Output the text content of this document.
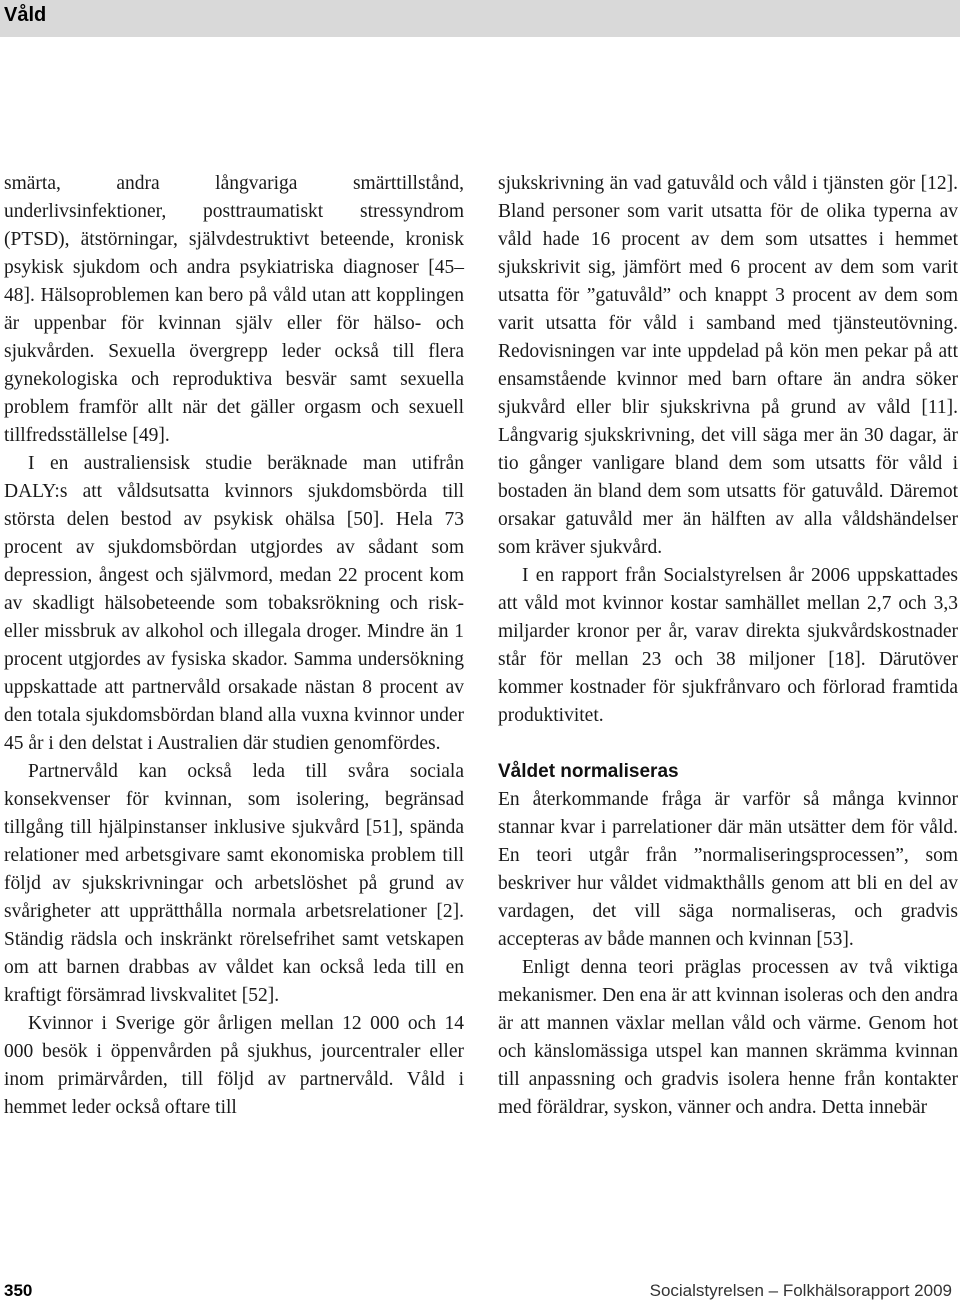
Våld

smärta, andra långvariga smärttillstånd, underlivsinfektioner, posttraumatiskt stressyndrom (PTSD), ätstörningar, självdestruktivt beteende, kronisk psykisk sjukdom och andra psykiatriska diagnoser [45–48]. Hälsoproblemen kan bero på våld utan att kopplingen är uppenbar för kvinnan själv eller för hälso- och sjukvården. Sexuella övergrepp leder också till flera gynekologiska och reproduktiva besvär samt sexuella problem framför allt när det gäller orgasm och sexuell tillfredsställelse [49].

I en australiensisk studie beräknade man utifrån DALY:s att våldsutsatta kvinnors sjukdomsbörda till största delen bestod av psykisk ohälsa [50]. Hela 73 procent av sjukdomsbördan utgjordes av sådant som depression, ångest och självmord, medan 22 procent kom av skadligt hälsobeteende som tobaksrökning och risk- eller missbruk av alkohol och illegala droger. Mindre än 1 procent utgjordes av fysiska skador. Samma undersökning uppskattade att partnervåld orsakade nästan 8 procent av den totala sjukdomsbördan bland alla vuxna kvinnor under 45 år i den delstat i Australien där studien genomfördes.

Partnervåld kan också leda till svåra sociala konsekvenser för kvinnan, som isolering, begränsad tillgång till hjälpinstanser inklusive sjukvård [51], spända relationer med arbetsgivare samt ekonomiska problem till följd av sjukskrivningar och arbetslöshet på grund av svårigheter att upprätthålla normala arbetsrelationer [2]. Ständig rädsla och inskränkt rörelsefrihet samt vetskapen om att barnen drabbas av våldet kan också leda till en kraftigt försämrad livskvalitet [52].

Kvinnor i Sverige gör årligen mellan 12 000 och 14 000 besök i öppenvården på sjukhus, jourcentraler eller inom primärvården, till följd av partnervåld. Våld i hemmet leder också oftare till

sjukskrivning än vad gatuvåld och våld i tjänsten gör [12]. Bland personer som varit utsatta för de olika typerna av våld hade 16 procent av dem som utsattes i hemmet sjukskrivit sig, jämfört med 6 procent av dem som varit utsatta för ”gatuvåld” och knappt 3 procent av dem som varit utsatta för våld i samband med tjänsteutövning. Redovisningen var inte uppdelad på kön men pekar på att ensamstående kvinnor med barn oftare än andra söker sjukvård eller blir sjukskrivna på grund av våld [11]. Långvarig sjukskrivning, det vill säga mer än 30 dagar, är tio gånger vanligare bland dem som utsatts för våld i bostaden än bland dem som utsatts för gatuvåld. Däremot orsakar gatuvåld mer än hälften av alla våldshändelser som kräver sjukvård.

I en rapport från Socialstyrelsen år 2006 uppskattades att våld mot kvinnor kostar samhället mellan 2,7 och 3,3 miljarder kronor per år, varav direkta sjukvårdskostnader står för mellan 23 och 38 miljoner [18]. Därutöver kommer kostnader för sjukfrånvaro och förlorad framtida produktivitet.

Våldet normaliseras

En återkommande fråga är varför så många kvinnor stannar kvar i parrelationer där män utsätter dem för våld. En teori utgår från ”normaliseringsprocessen”, som beskriver hur våldet vidmakthålls genom att bli en del av vardagen, det vill säga normaliseras, och gradvis accepteras av både mannen och kvinnan [53].

Enligt denna teori präglas processen av två viktiga mekanismer. Den ena är att kvinnan isoleras och den andra är att mannen växlar mellan våld och värme. Genom hot och känslomässiga utspel kan mannen skrämma kvinnan till anpassning och gradvis isolera henne från kontakter med föräldrar, syskon, vänner och andra. Detta innebär

350	Socialstyrelsen – Folkhälsorapport 2009
